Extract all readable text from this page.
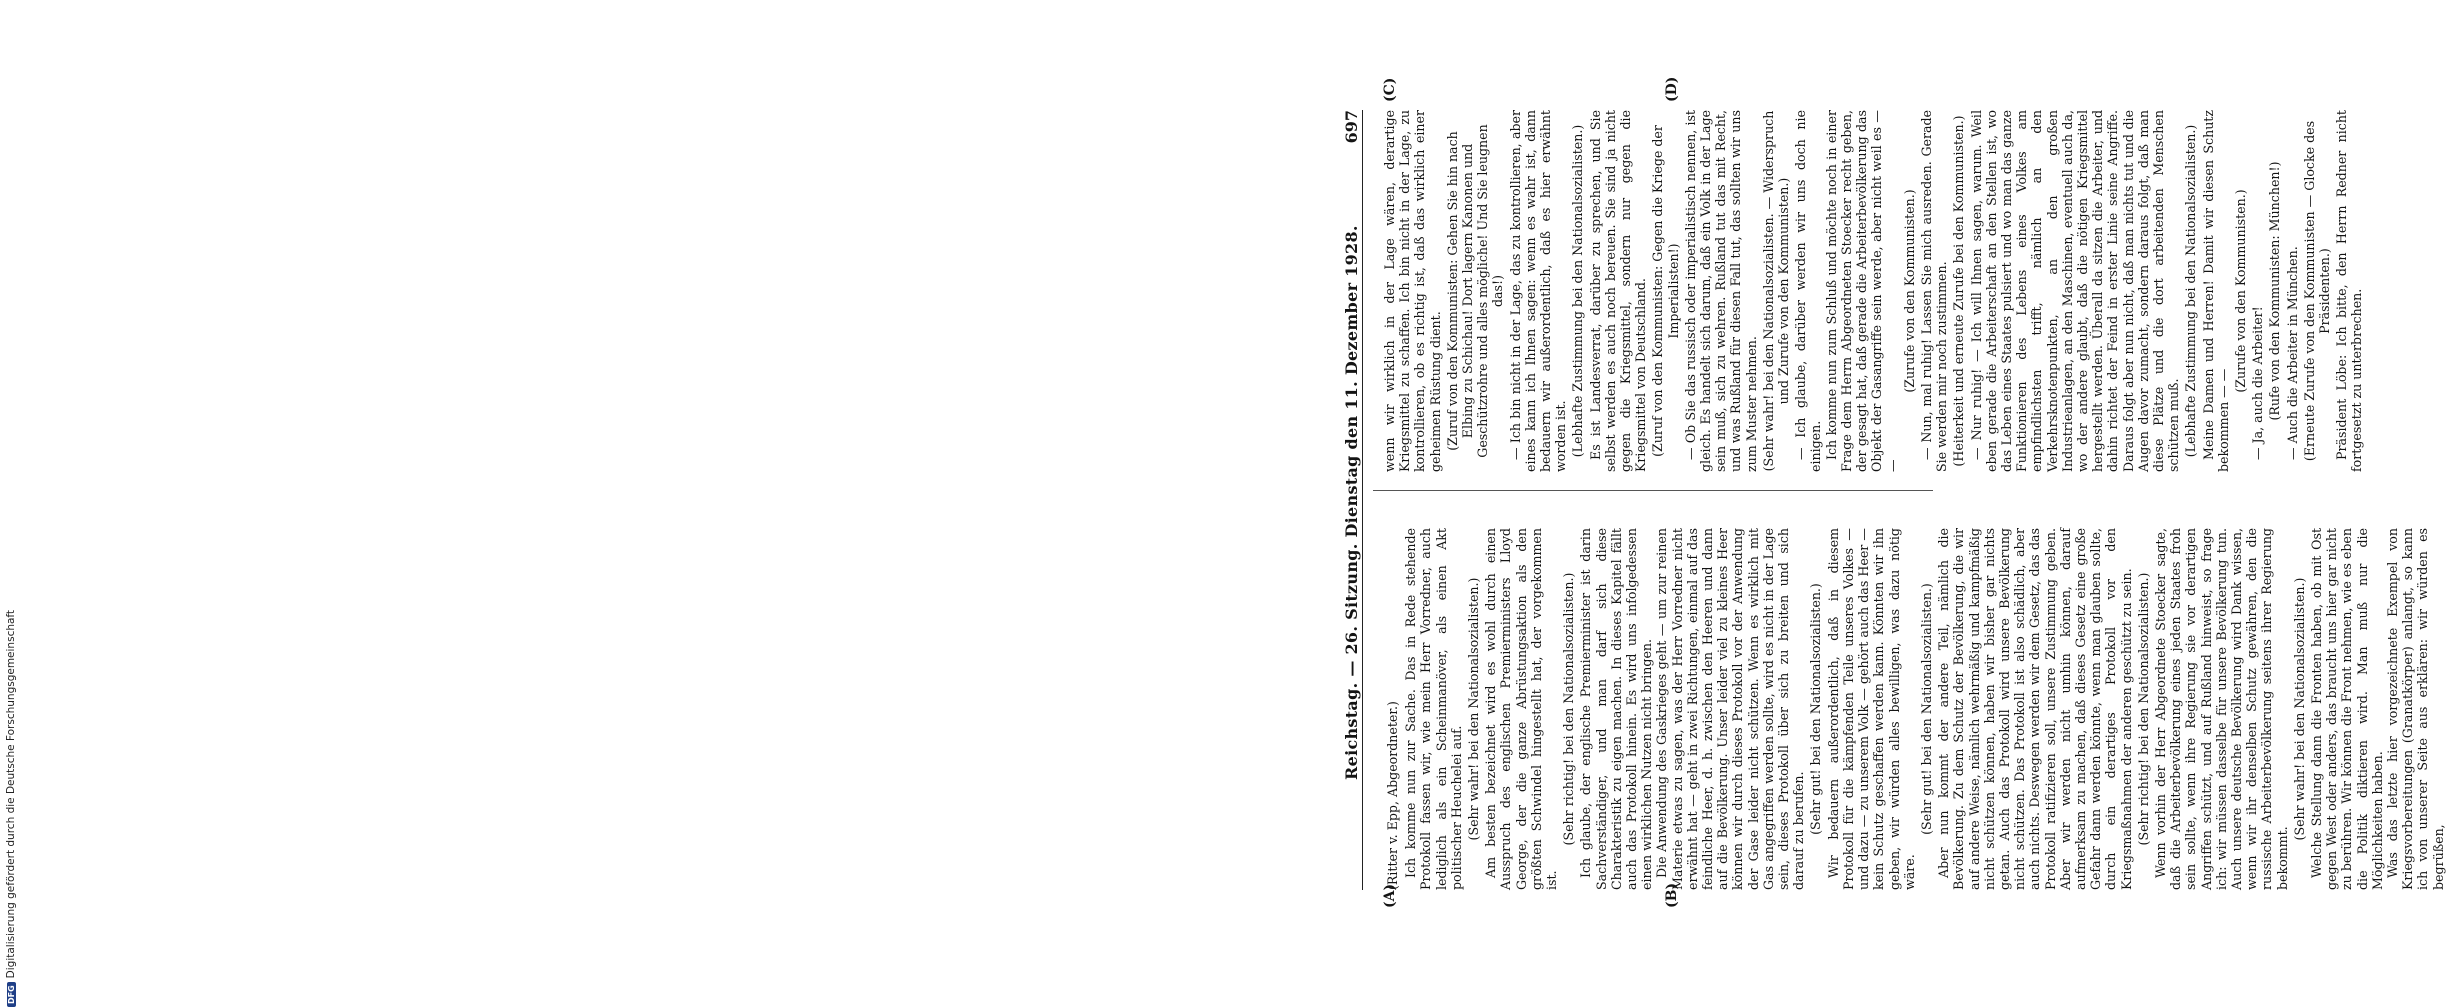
Reichstag. — 26. Sitzung. Dienstag den 11. Dezember 1928.
697
(A)	(B)
(C)	(D)

(Ritter v. Epp, Abgeordneter.) Ich komme nun zur Sache. Das in Rede stehende Protokoll fassen wir, wie mein Herr Vorredner, auch lediglich als ein Scheinmanöver, als einen Akt politischer Heuchelei auf. (Sehr wahr! bei den Nationalsozialisten.) Am besten bezeichnet wird es wohl durch einen Ausspruch des englischen Premierministers Lloyd George, der die ganze Abrüstungsaktion als den größten Schwindel hingestellt hat, der vorgekommen ist.

(Sehr richtig! bei den Nationalsozialisten.) Ich glaube, der englische Premierminister ist darin Sachverständiger, und man darf sich diese Charakteristik zu eigen machen. In dieses Kapitel fällt auch das Protokoll hinein. Es wird uns infolgedessen einen wirklichen Nutzen nicht bringen. Die Anwendung des Gaskrieges geht — um zur reinen Materie etwas zu sagen, was der Herr Vorredner nicht erwähnt hat — geht in zwei Richtungen, einmal auf das feindliche Heer, d. h. zwischen den Heeren und dann auf die Bevölkerung. Unser leider viel zu kleines Heer können wir durch dieses Protokoll vor der Anwendung der Gase leider nicht schützen. Wenn es wirklich mit Gas angegriffen werden sollte, wird es nicht in der Lage sein, dieses Protokoll über sich zu breiten und sich darauf zu berufen. (Sehr gut! bei den Nationalsozialisten.) Wir bedauern außerordentlich, daß in diesem Protokoll für die kämpfenden Teile unseres Volkes — und dazu — zu unserem Volk — gehört auch das Heer — kein Schutz geschaffen werden kann. Könnten wir ihn geben, wir würden alles bewilligen, was dazu nötig wäre.

(Sehr gut! bei den Nationalsozialisten.) Aber nun kommt der andere Teil, nämlich die Bevölkerung. Zu dem Schutz der Bevölkerung, die wir auf andere Weise, nämlich wehrmäßig und kampfmäßig nicht schützen können, haben wir bisher gar nichts getan. Auch das Protokoll wird unsere Bevölkerung nicht schützen. Das Protokoll ist also schädlich, aber auch nichts. Deswegen werden wir dem Gesetz, das das Protokoll ratifizieren soll, unsere Zustimmung geben. Aber wir werden nicht umhin können, darauf aufmerksam zu machen, daß dieses Gesetz eine große Gefahr dann werden könnte, wenn man glauben sollte, durch ein derartiges Protokoll vor den Kriegsmaßnahmen der anderen geschützt zu sein. (Sehr richtig! bei den Nationalsozialisten.) Wenn vorhin der Herr Abgeordnete Stoecker sagte, daß die Arbeiterbevölkerung eines jeden Staates froh sein sollte, wenn ihre Regierung sie vor derartigen Angriffen schützt, und auf Rußland hinweist, so frage ich: wir müssen dasselbe für unsere Bevölkerung tun. Auch unsere deutsche Bevölkerung wird Dank wissen, wenn wir ihr denselben Schutz gewähren, den die russische Arbeiterbevölkerung seitens ihrer Regierung bekommt.

(Sehr wahr! bei den Nationalsozialisten.) Welche Stellung dann die Fronten haben, ob mit Ost gegen West oder anders, das braucht uns hier gar nicht zu berühren. Wir können die Front nehmen, wie es eben die Politik diktieren wird. Man muß nur die Möglichkeiten haben. Was das letzte hier vorgezeichnete Exempel von Kriegsvorbereitungen (Granatkörper) anlangt, so kann ich von unserer Seite aus erklären: wir würden es begrüßen,

wenn wir wirklich in der Lage wären, derartige Kriegsmittel zu schaffen. Ich bin nicht in der Lage, zu kontrollieren, ob es richtig ist, daß das wirklich einer geheimen Rüstung dient. (Zuruf von den Kommunisten: Gehen Sie hin nach Elbing zu Schichau! Dort lagern Kanonen und Geschützrohre und alles mögliche! Und Sie leugnen das!) — Ich bin nicht in der Lage, das zu kontrollieren, aber eines kann ich Ihnen sagen: wenn es wahr ist, dann bedauern wir außerordentlich, daß es hier erwähnt worden ist. (Lebhafte Zustimmung bei den Nationalsozialisten.) Es ist Landesverrat, darüber zu sprechen, und Sie selbst werden es auch noch bereuen. Sie sind ja nicht gegen die Kriegsmittel, sondern nur gegen die Kriegsmittel von Deutschland. (Zuruf von den Kommunisten: Gegen die Kriege der Imperialisten!) — Ob Sie das russisch oder imperialistisch nennen, ist gleich. Es handelt sich darum, daß ein Volk in der Lage sein muß, sich zu wehren. Rußland tut das mit Recht, und was Rußland für diesen Fall tut, das sollten wir uns zum Muster nehmen. (Sehr wahr! bei den Nationalsozialisten. — Widerspruch und Zurufe von den Kommunisten.) — Ich glaube, darüber werden wir uns doch nie einigen. Ich komme nun zum Schluß und möchte noch in einer Frage dem Herrn Abgeordneten Stoecker recht geben, der gesagt hat, daß gerade die Arbeiterbevölkerung das Objekt der Gasangriffe sein werde, aber nicht weil es — —

(Zurufe von den Kommunisten.) — Nun, mal ruhig! Lassen Sie mich ausreden. Gerade Sie werden mir noch zustimmen. (Heiterkeit und erneute Zurufe bei den Kommunisten.) — Nur ruhig! — Ich will Ihnen sagen, warum. Weil eben gerade die Arbeiterschaft an den Stellen ist, wo das Leben eines Staates pulsiert und wo man das ganze Funktionieren des Lebens eines Volkes am empfindlichsten trifft, nämlich an den Verkehrsknotenpunkten, an den großen Industrieanlagen, an den Maschinen, eventuell auch da, wo der andere glaubt, daß die nötigen Kriegsmittel hergestellt werden. Überall da sitzen die Arbeiter, und dahin richtet der Feind in erster Linie seine Angriffe. Daraus folgt aber nun nicht, daß man nichts tut und die Augen davor zumacht, sondern daraus folgt, daß man diese Plätze und die dort arbeitenden Menschen schützen muß. (Lebhafte Zustimmung bei den Nationalsozialisten.) Meine Damen und Herren! Damit wir diesen Schutz bekommen — —

(Zurufe von den Kommunisten.) — Ja, auch die Arbeiter! (Rufe von den Kommunisten: München!) — Auch die Arbeiter in München. (Erneute Zurufe von den Kommunisten — Glocke des Präsidenten.) Präsident Löbe: Ich bitte, den Herrn Redner nicht fortgesetzt zu unterbrechen.

DFGDigitalisierung gefördert durch die Deutsche Forschungsgemeinschaft
